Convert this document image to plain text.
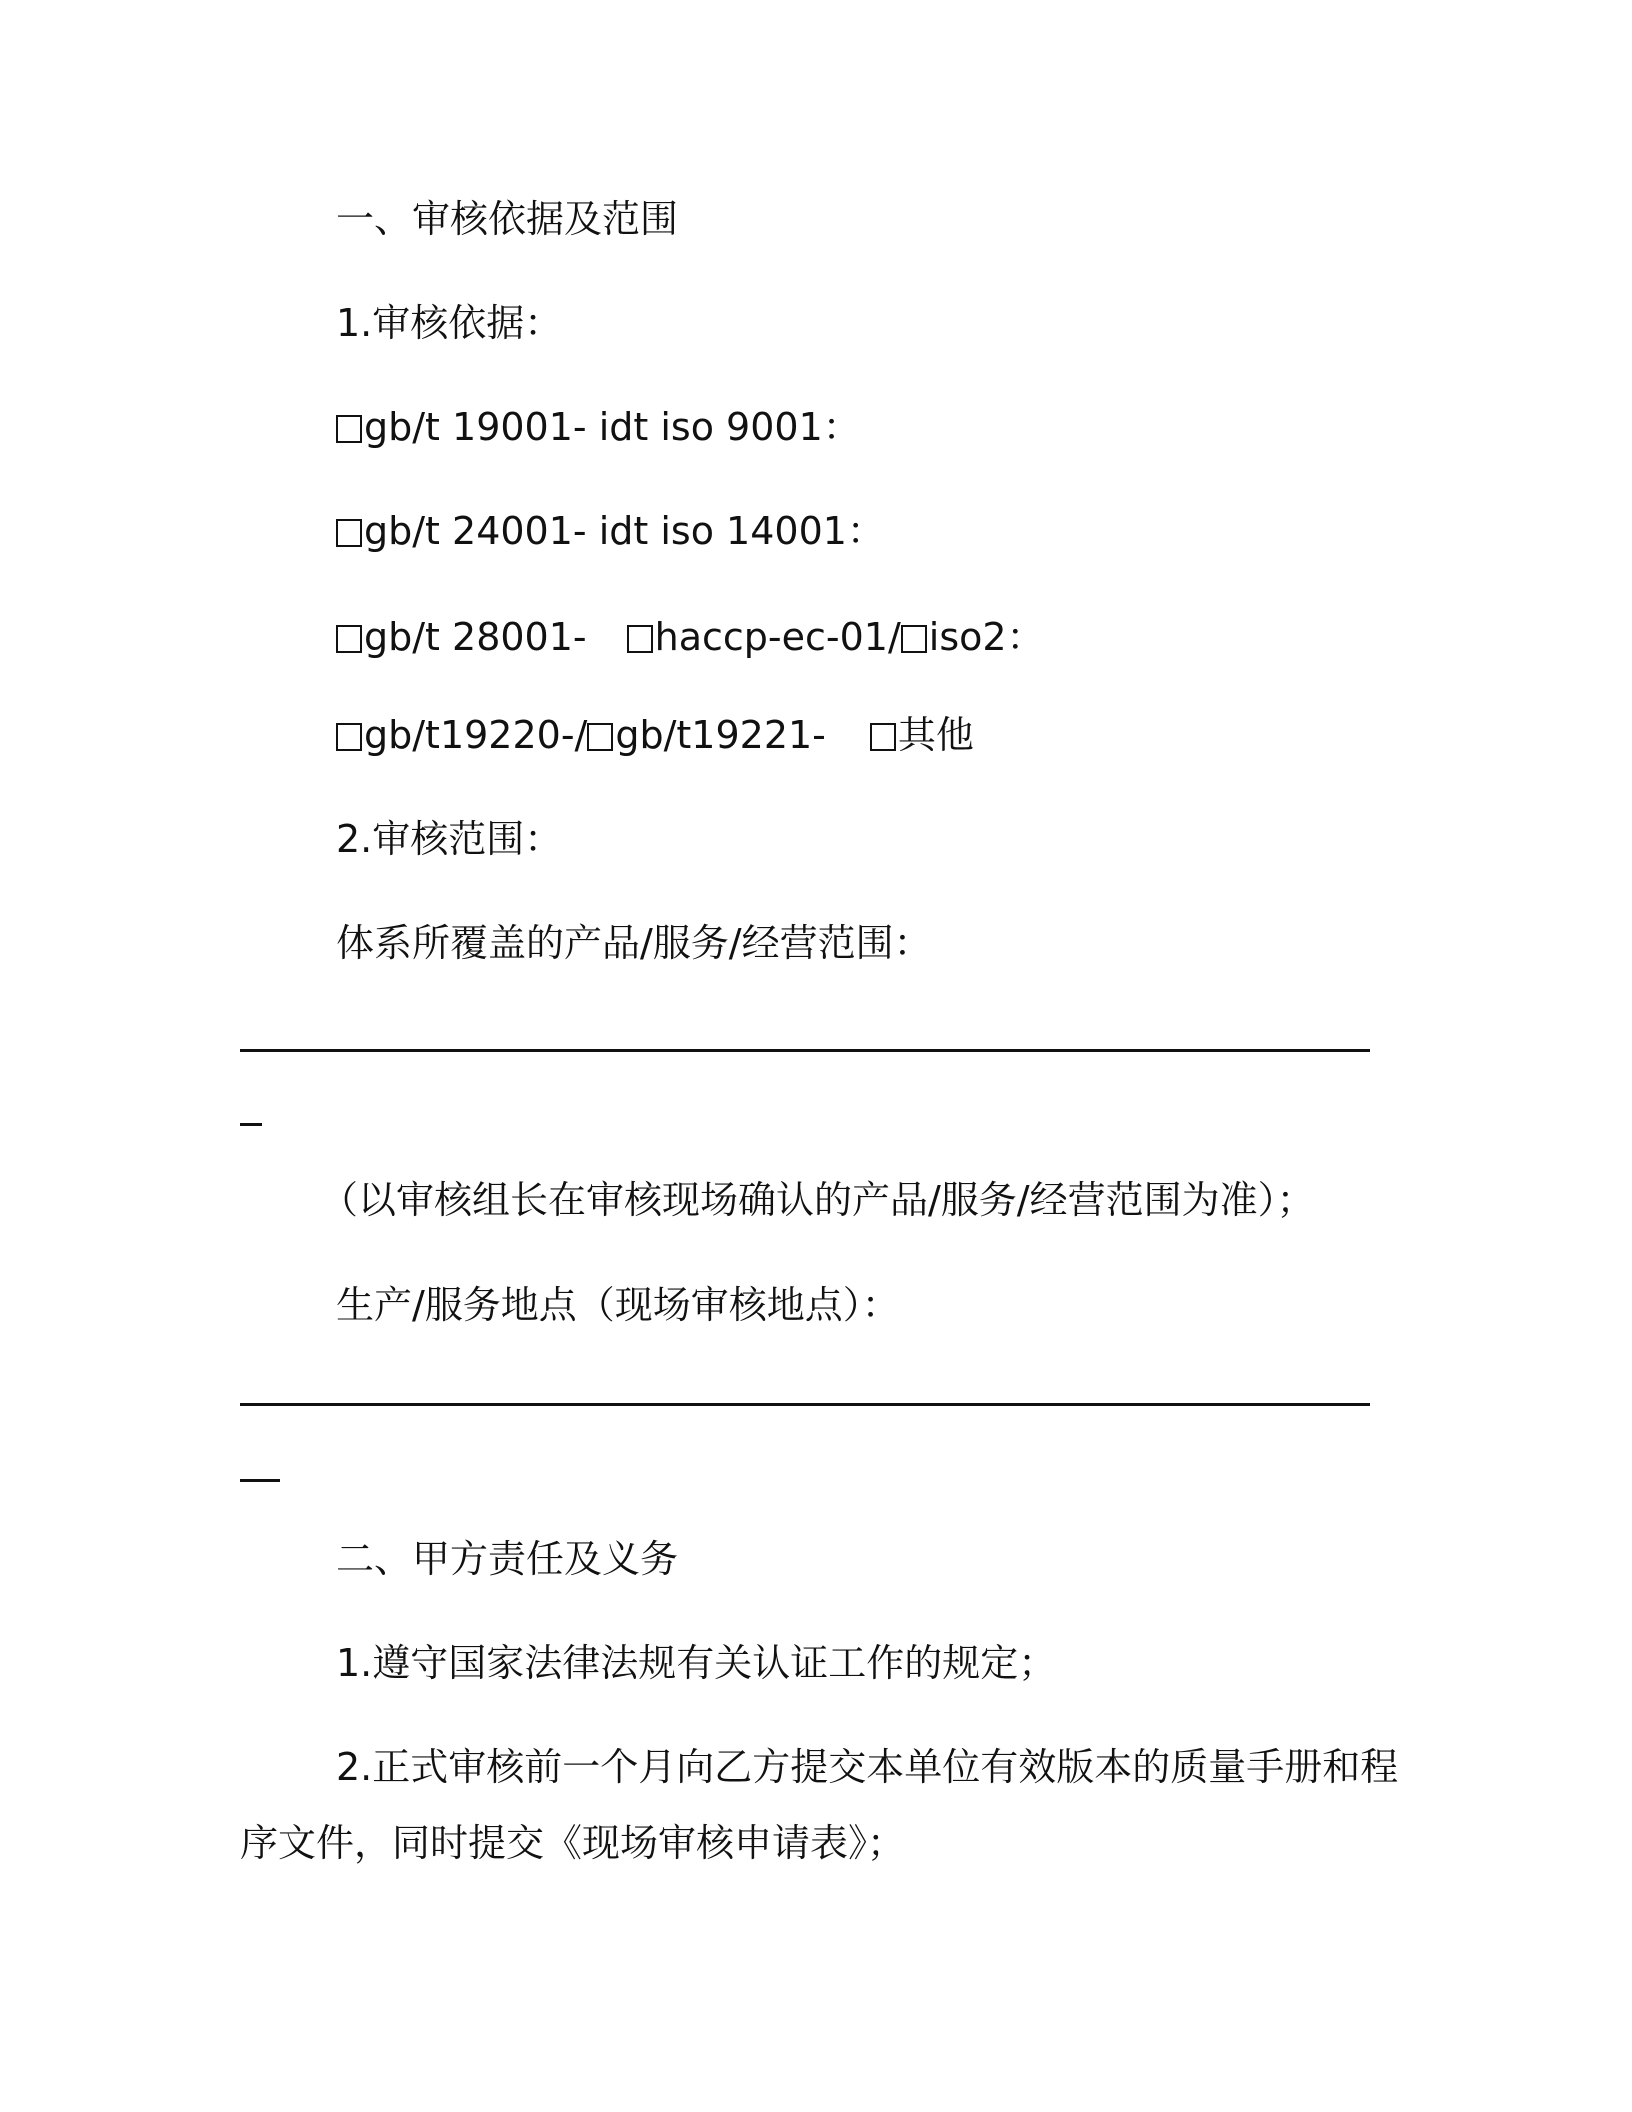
一、审核依据及范围
1.审核依据：
gb/t 19001- idt iso 9001：
gb/t 24001- idt iso 14001：
gb/t 28001- haccp-ec-01/ iso2：
gb/t19220-/ gb/t19221- 其他
2.审核范围：
体系所覆盖的产品/服务/经营范围：
（以审核组长在审核现场确认的产品/服务/经营范围为准）；
生产/服务地点（现场审核地点）：
二、甲方责任及义务
1.遵守国家法律法规有关认证工作的规定；
2.正式审核前一个月向乙方提交本单位有效版本的质量手册和程
序文件，同时提交《现场审核申请表》；
